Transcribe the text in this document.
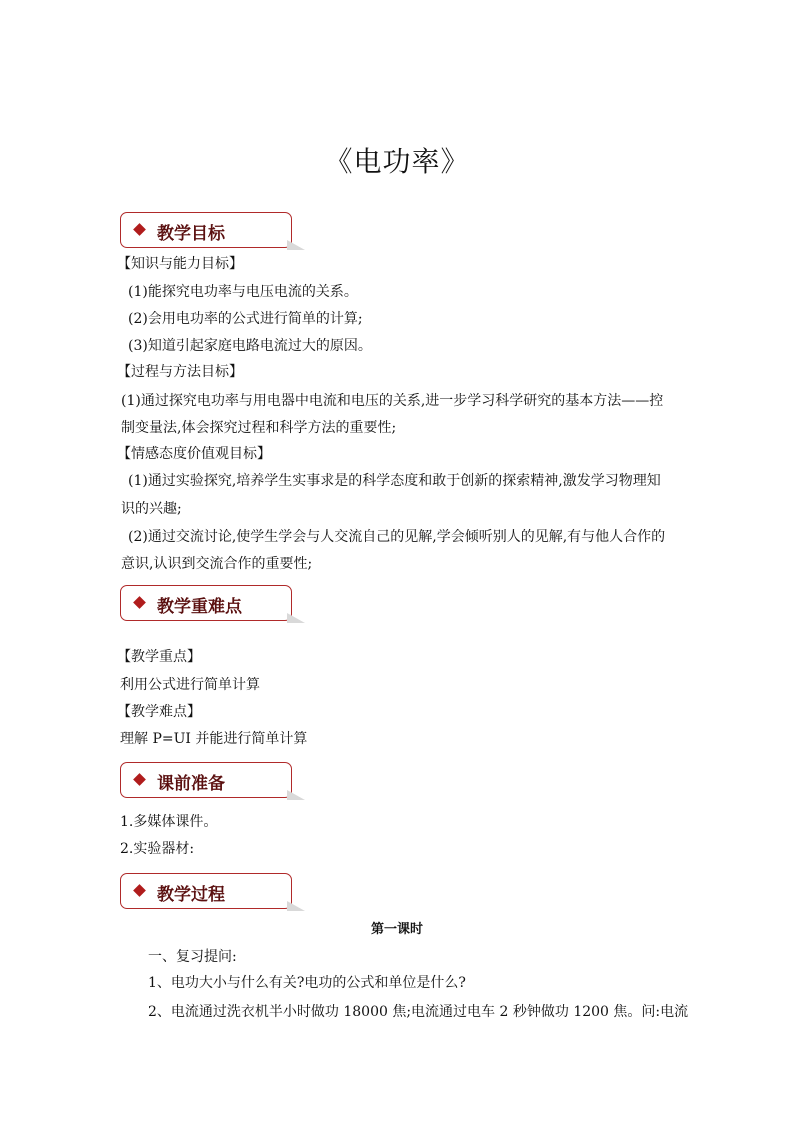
《电功率》
教学目标
【知识与能力目标】
(1)能探究电功率与电压电流的关系。
(2)会用电功率的公式进行简单的计算;
(3)知道引起家庭电路电流过大的原因。
【过程与方法目标】
(1)通过探究电功率与用电器中电流和电压的关系,进一步学习科学研究的基本方法——控
制变量法,体会探究过程和科学方法的重要性;
【情感态度价值观目标】
(1)通过实验探究,培养学生实事求是的科学态度和敢于创新的探索精神,激发学习物理知
识的兴趣;
(2)通过交流讨论,使学生学会与人交流自己的见解,学会倾听别人的见解,有与他人合作的
意识,认识到交流合作的重要性;
教学重难点
【教学重点】
利用公式进行简单计算
【教学难点】
理解 P=UI 并能进行简单计算
课前准备
1.多媒体课件。
2.实验器材:
教学过程
第一课时
一、复习提问:
1、电功大小与什么有关?电功的公式和单位是什么?
2、电流通过洗衣机半小时做功 18000 焦;电流通过电车 2 秒钟做功 1200 焦。问:电流
